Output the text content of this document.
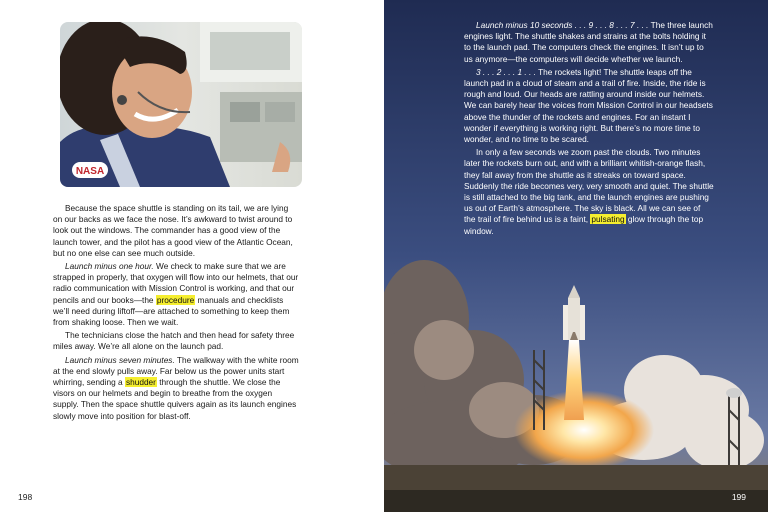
NASA

Because the space shuttle is standing on its tail, we are lying on our backs as we face the nose. It’s awkward to twist around to look out the windows. The commander has a good view of the launch tower, and the pilot has a good view of the Atlantic Ocean, but no one else can see much outside.

Launch minus one hour. We check to make sure that we are strapped in properly, that oxygen will flow into our helmets, that our radio communication with Mission Control is working, and that our pencils and our books—the procedure manuals and checklists we’ll need during liftoff—are attached to something to keep them from shaking loose. Then we wait.

The technicians close the hatch and then head for safety three miles away. We’re all alone on the launch pad.

Launch minus seven minutes. The walkway with the white room at the end slowly pulls away. Far below us the power units start whirring, sending a shudder through the shuttle. We close the visors on our helmets and begin to breathe from the oxygen supply. Then the space shuttle quivers again as its launch engines slowly move into position for blast-off.

198

Launch minus 10 seconds . . . 9 . . . 8 . . . 7 . . . The three launch engines light. The shuttle shakes and strains at the bolts holding it to the launch pad. The computers check the engines. It isn’t up to us anymore—the computers will decide whether we launch.

3 . . . 2 . . . 1 . . . The rockets light! The shuttle leaps off the launch pad in a cloud of steam and a trail of fire. Inside, the ride is rough and loud. Our heads are rattling around inside our helmets. We can barely hear the voices from Mission Control in our headsets above the thunder of the rockets and engines. For an instant I wonder if everything is working right. But there’s no more time to wonder, and no time to be scared.

In only a few seconds we zoom past the clouds. Two minutes later the rockets burn out, and with a brilliant whitish-orange flash, they fall away from the shuttle as it streaks on toward space. Suddenly the ride becomes very, very smooth and quiet. The shuttle is still attached to the big tank, and the launch engines are pushing us out of Earth’s atmosphere. The sky is black. All we can see of the trail of fire behind us is a faint, pulsating glow through the top window.

199
